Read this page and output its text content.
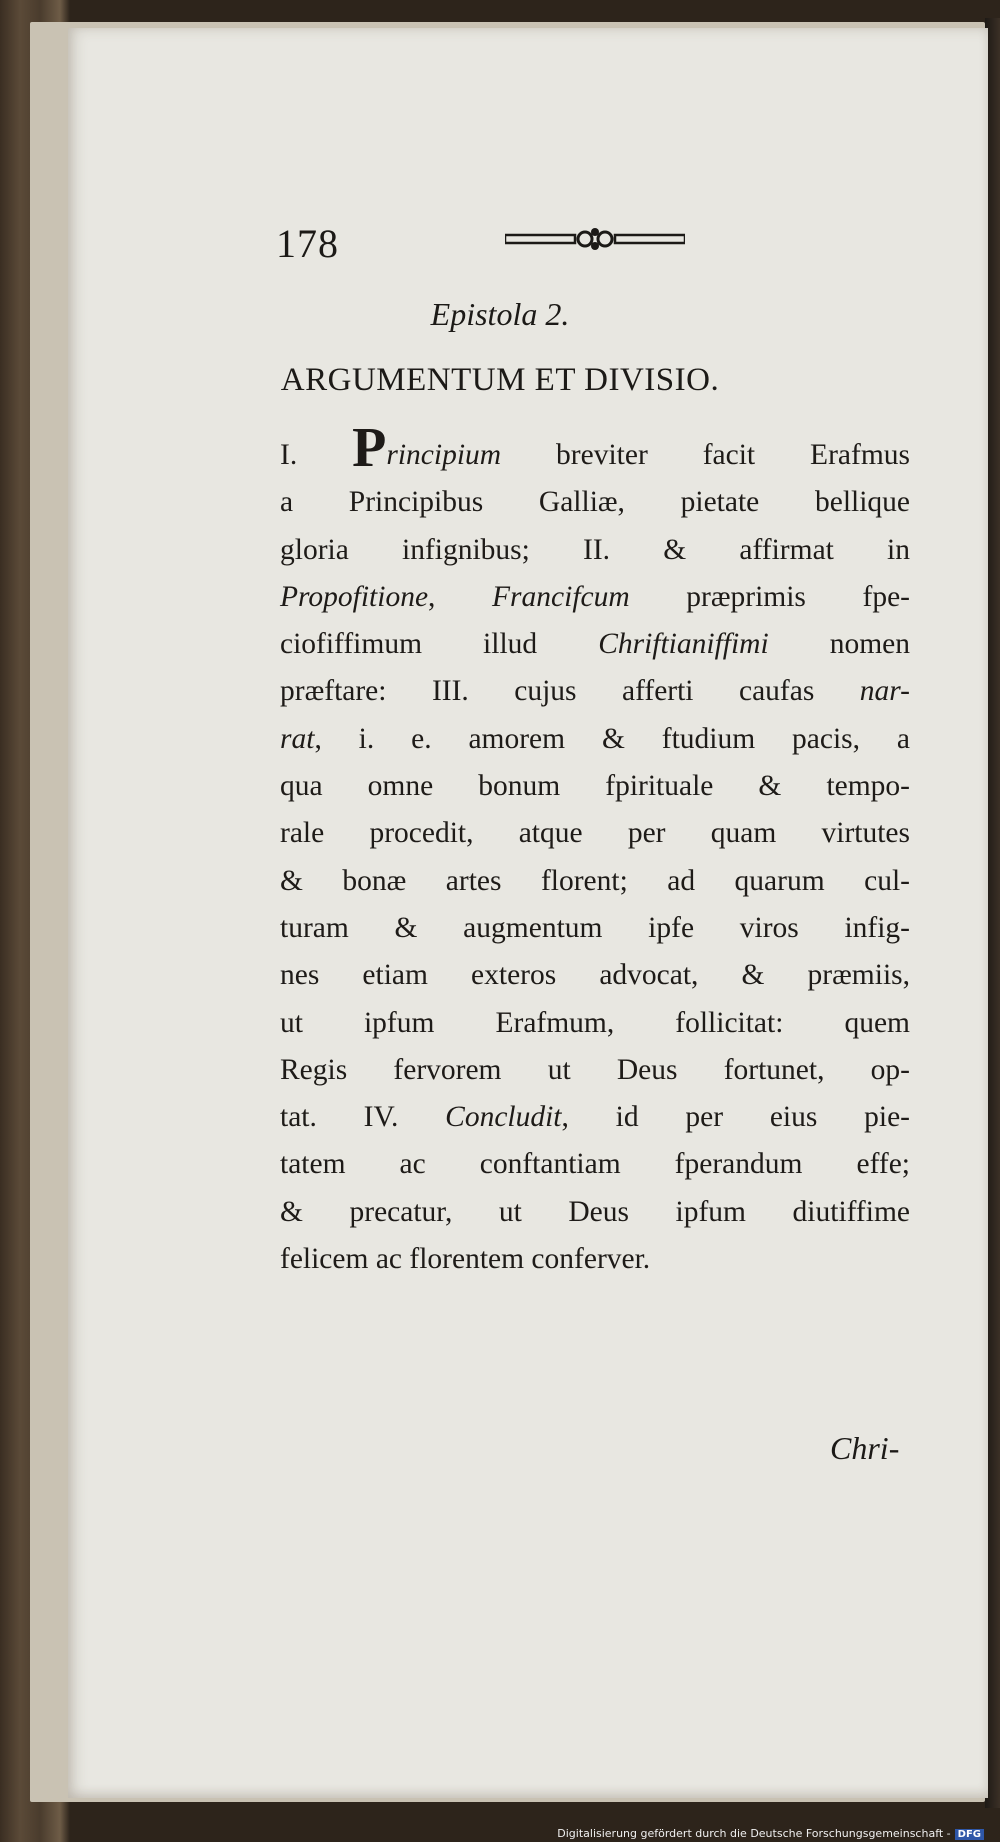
178
Epistola 2.
ARGUMENTUM ET DIVISIO.
I. Principium breviter facit Erafmus
a Principibus Galliæ, pietate bellique
gloria infignibus; II. & affirmat in
Propofitione, Francifcum præprimis fpe-
ciofiffimum illud Chriftianiffimi nomen
præftare: III. cujus afferti caufas nar-
rat, i. e. amorem & ftudium pacis, a
qua omne bonum fpirituale & tempo-
rale procedit, atque per quam virtutes
& bonæ artes florent; ad quarum cul-
turam & augmentum ipfe viros infig-
nes etiam exteros advocat, & præmiis,
ut ipfum Erafmum, follicitat: quem
Regis fervorem ut Deus fortunet, op-
tat. IV. Concludit, id per eius pie-
tatem ac conftantiam fperandum effe;
& precatur, ut Deus ipfum diutiffime
felicem ac florentem conferver.
Chri-
Digitalisierung gefördert durch die Deutsche Forschungsgemeinschaft - DFG
